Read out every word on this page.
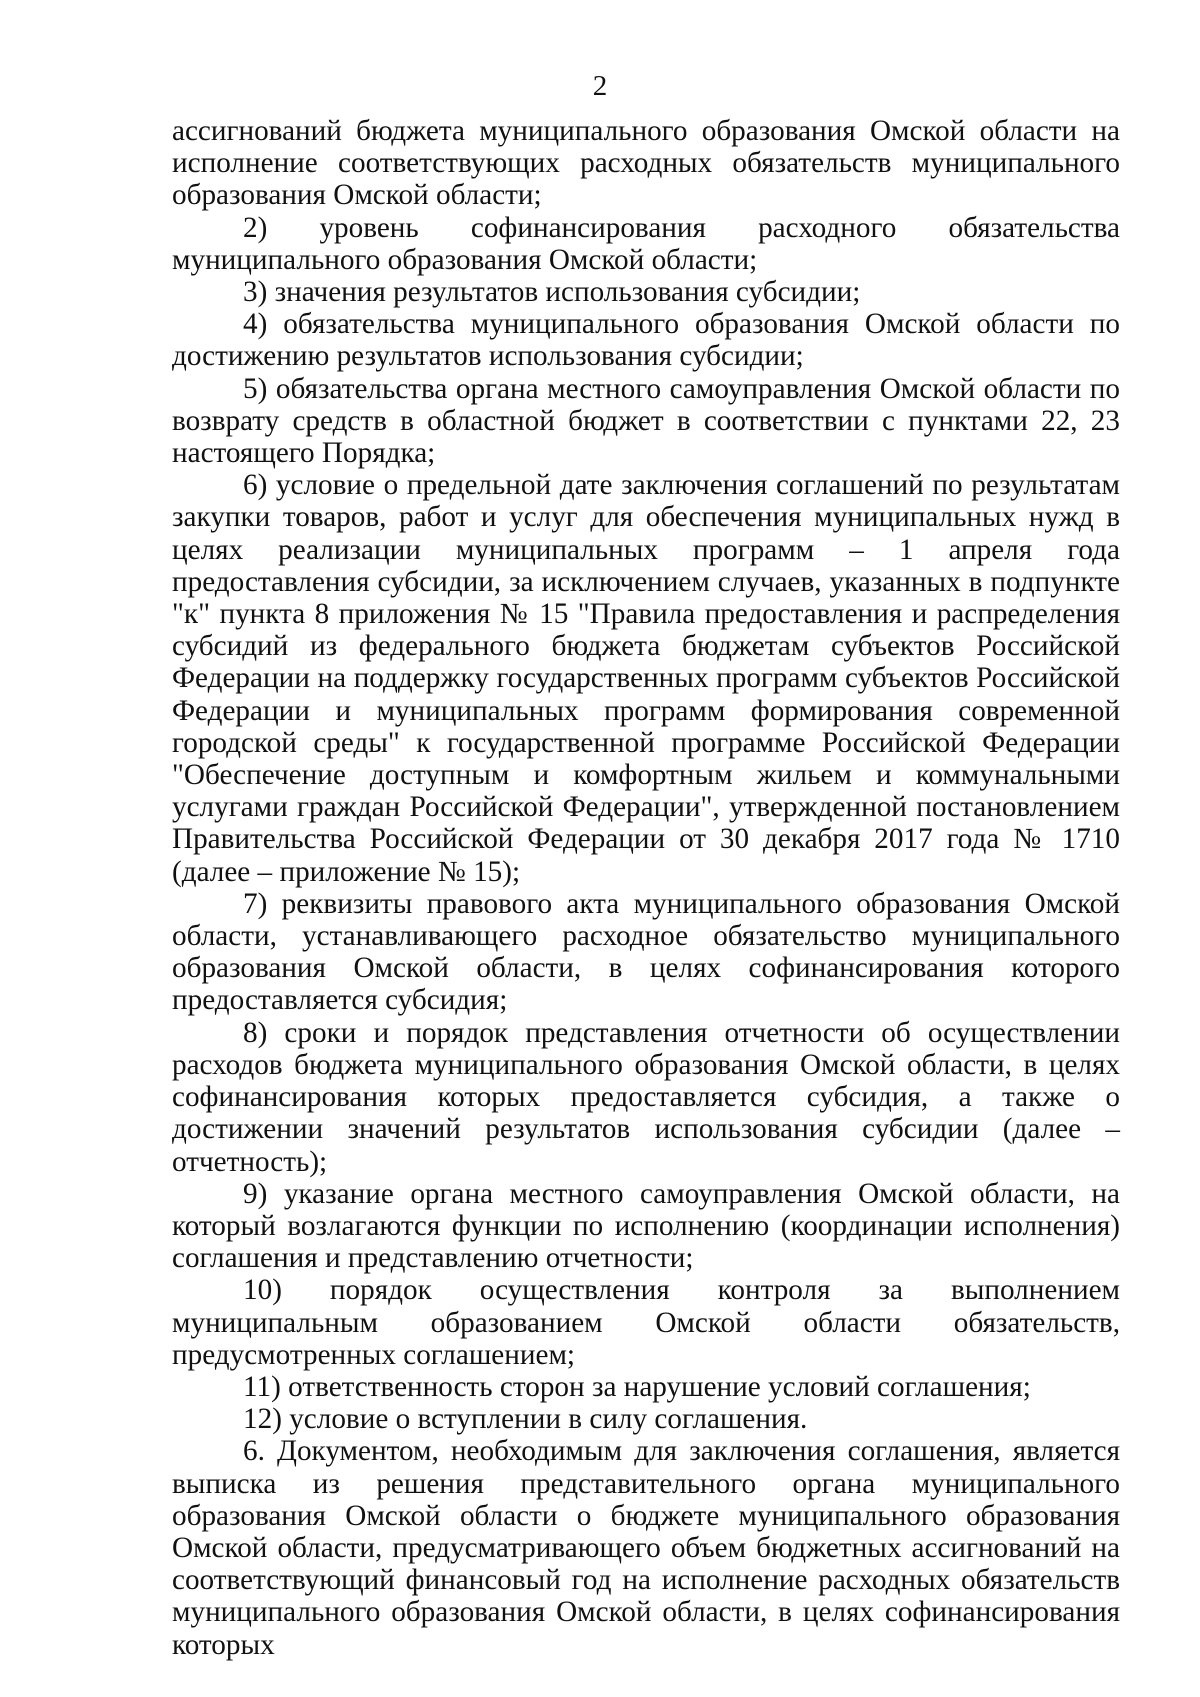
2

ассигнований бюджета муниципального образования Омской области на исполнение соответствующих расходных обязательств муниципального образования Омской области;

2) уровень софинансирования расходного обязательства муниципального образования Омской области;

3) значения результатов использования субсидии;

4) обязательства муниципального образования Омской области по достижению результатов использования субсидии;

5) обязательства органа местного самоуправления Омской области по возврату средств в областной бюджет в соответствии с пунктами 22, 23 настоящего Порядка;

6) условие о предельной дате заключения соглашений по результатам закупки товаров, работ и услуг для обеспечения муниципальных нужд в целях реализации муниципальных программ – 1 апреля года предоставления субсидии, за исключением случаев, указанных в подпункте "к" пункта 8 приложения № 15 "Правила предоставления и распределения субсидий из федерального бюджета бюджетам субъектов Российской Федерации на поддержку государственных программ субъектов Российской Федерации и муниципальных программ формирования современной городской среды" к государственной программе Российской Федерации "Обеспечение доступным и комфортным жильем и коммунальными услугами граждан Российской Федерации", утвержденной постановлением Правительства Российской Федерации от 30 декабря 2017 года № 1710 (далее – приложение № 15);

7) реквизиты правового акта муниципального образования Омской области, устанавливающего расходное обязательство муниципального образования Омской области, в целях софинансирования которого предоставляется субсидия;

8) сроки и порядок представления отчетности об осуществлении расходов бюджета муниципального образования Омской области, в целях софинансирования которых предоставляется субсидия, а также о достижении значений результатов использования субсидии (далее – отчетность);

9) указание органа местного самоуправления Омской области, на который возлагаются функции по исполнению (координации исполнения) соглашения и представлению отчетности;

10) порядок осуществления контроля за выполнением муниципальным образованием Омской области обязательств, предусмотренных соглашением;

11) ответственность сторон за нарушение условий соглашения;

12) условие о вступлении в силу соглашения.

6. Документом, необходимым для заключения соглашения, является выписка из решения представительного органа муниципального образования Омской области о бюджете муниципального образования Омской области, предусматривающего объем бюджетных ассигнований на соответствующий финансовый год на исполнение расходных обязательств муниципального образования Омской области, в целях софинансирования которых
